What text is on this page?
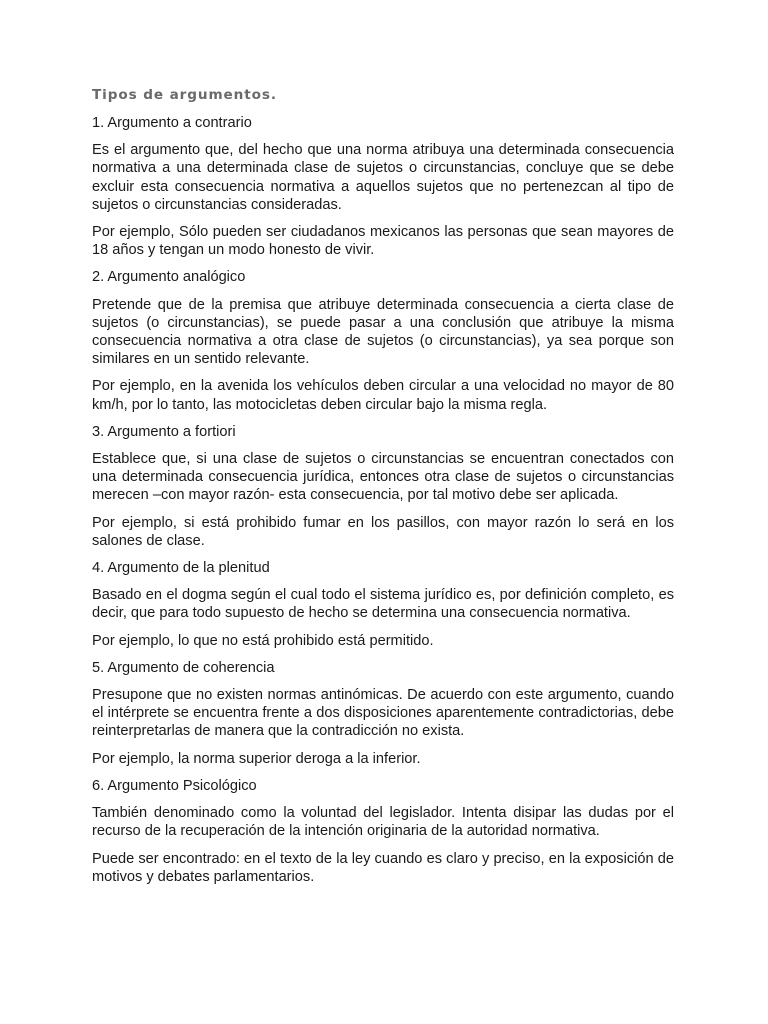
Tipos de argumentos.

1. Argumento a contrario

Es el argumento que, del hecho que una norma atribuya una determinada consecuencia normativa a una determinada clase de sujetos o circunstancias, concluye que se debe excluir esta consecuencia normativa a aquellos sujetos que no pertenezcan al tipo de sujetos o circunstancias consideradas.

Por ejemplo, Sólo pueden ser ciudadanos mexicanos las personas que sean mayores de 18 años y tengan un modo honesto de vivir.

2. Argumento analógico

Pretende que de la premisa que atribuye determinada consecuencia a cierta clase de sujetos (o circunstancias), se puede pasar a una conclusión que atribuye la misma consecuencia normativa a otra clase de sujetos (o circunstancias), ya sea porque son similares en un sentido relevante.

Por ejemplo, en la avenida los vehículos deben circular a una velocidad no mayor de 80 km/h, por lo tanto, las motocicletas deben circular bajo la misma regla.

3. Argumento a fortiori

Establece que, si una clase de sujetos o circunstancias se encuentran conectados con una determinada consecuencia jurídica, entonces otra clase de sujetos o circunstancias merecen –con mayor razón- esta consecuencia, por tal motivo debe ser aplicada.

Por ejemplo, si está prohibido fumar en los pasillos, con mayor razón lo será en los salones de clase.

4. Argumento de la plenitud

Basado en el dogma según el cual todo el sistema jurídico es, por definición completo, es decir, que para todo supuesto de hecho se determina una consecuencia normativa.

Por ejemplo, lo que no está prohibido está permitido.

5. Argumento de coherencia

Presupone que no existen normas antinómicas. De acuerdo con este argumento, cuando el intérprete se encuentra frente a dos disposiciones aparentemente contradictorias, debe reinterpretarlas de manera que la contradicción no exista.

Por ejemplo, la norma superior deroga a la inferior.

6. Argumento Psicológico

También denominado como la voluntad del legislador. Intenta disipar las dudas por el recurso de la recuperación de la intención originaria de la autoridad normativa.

Puede ser encontrado: en el texto de la ley cuando es claro y preciso, en la exposición de motivos y debates parlamentarios.
